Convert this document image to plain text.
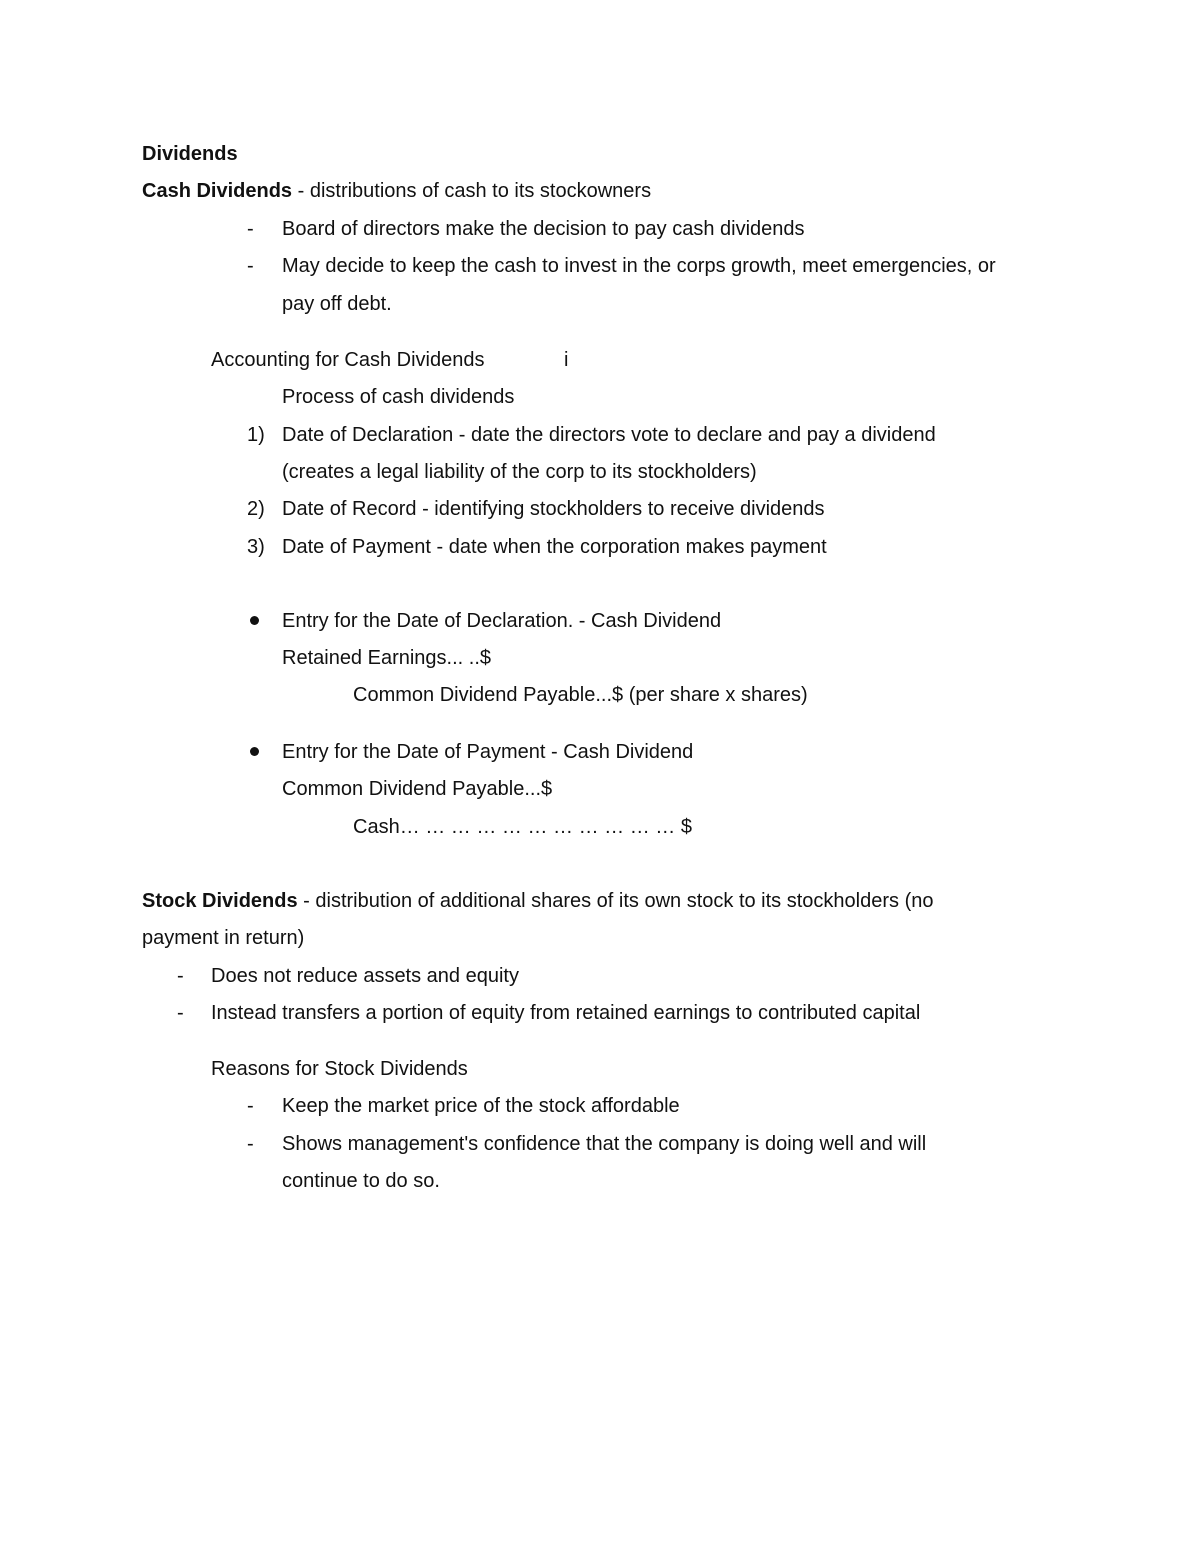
Dividends
Cash Dividends - distributions of cash to its stockowners
- Board of directors make the decision to pay cash dividends
- May decide to keep the cash to invest in the corps growth, meet emergencies, or
pay off debt.
Accounting for Cash Dividends	i
Process of cash dividends
1) Date of Declaration - date the directors vote to declare and pay a dividend
(creates a legal liability of the corp to its stockholders)
2) Date of Record - identifying stockholders to receive dividends
3) Date of Payment - date when the corporation makes payment
Entry for the Date of Declaration. - Cash Dividend
Retained Earnings... ..$
Common Dividend Payable...$ (per share x shares)
Entry for the Date of Payment - Cash Dividend
Common Dividend Payable...$
Cash… … … … … … … … … … … $
Stock Dividends - distribution of additional shares of its own stock to its stockholders (no
payment in return)
- Does not reduce assets and equity
- Instead transfers a portion of equity from retained earnings to contributed capital
Reasons for Stock Dividends
- Keep the market price of the stock affordable
- Shows management's confidence that the company is doing well and will
continue to do so.
